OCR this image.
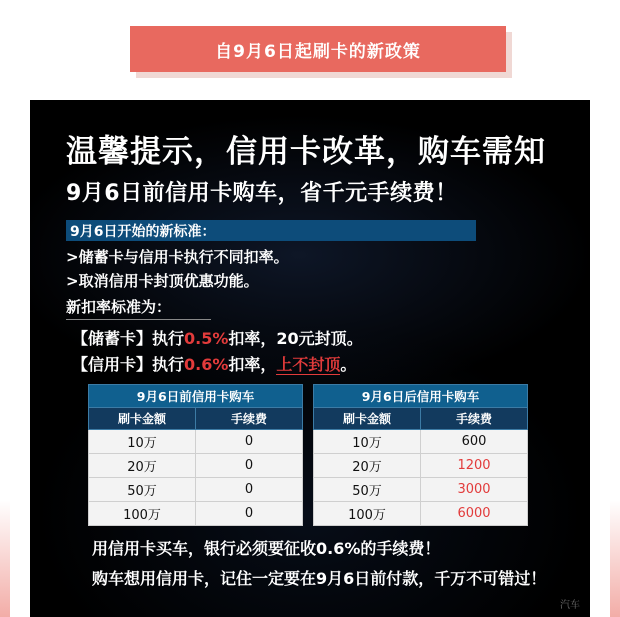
自9月6日起刷卡的新政策
温馨提示，信用卡改革，购车需知
9月6日前信用卡购车，省千元手续费！
9月6日开始的新标准：
>储蓄卡与信用卡执行不同扣率。
>取消信用卡封顶优惠功能。
新扣率标准为：
【储蓄卡】执行0.5%扣率，20元封顶。
【信用卡】执行0.6%扣率，上不封顶。
9月6日前信用卡购车	
刷卡金额	手续费
10万	0
20万	0
50万	0
100万	0
9月6日后信用卡购车	
刷卡金额	手续费
10万	600
20万	1200
50万	3000
100万	6000
用信用卡买车，银行必须要征收0.6%的手续费！
购车想用信用卡，记住一定要在9月6日前付款，千万不可错过！
汽车
